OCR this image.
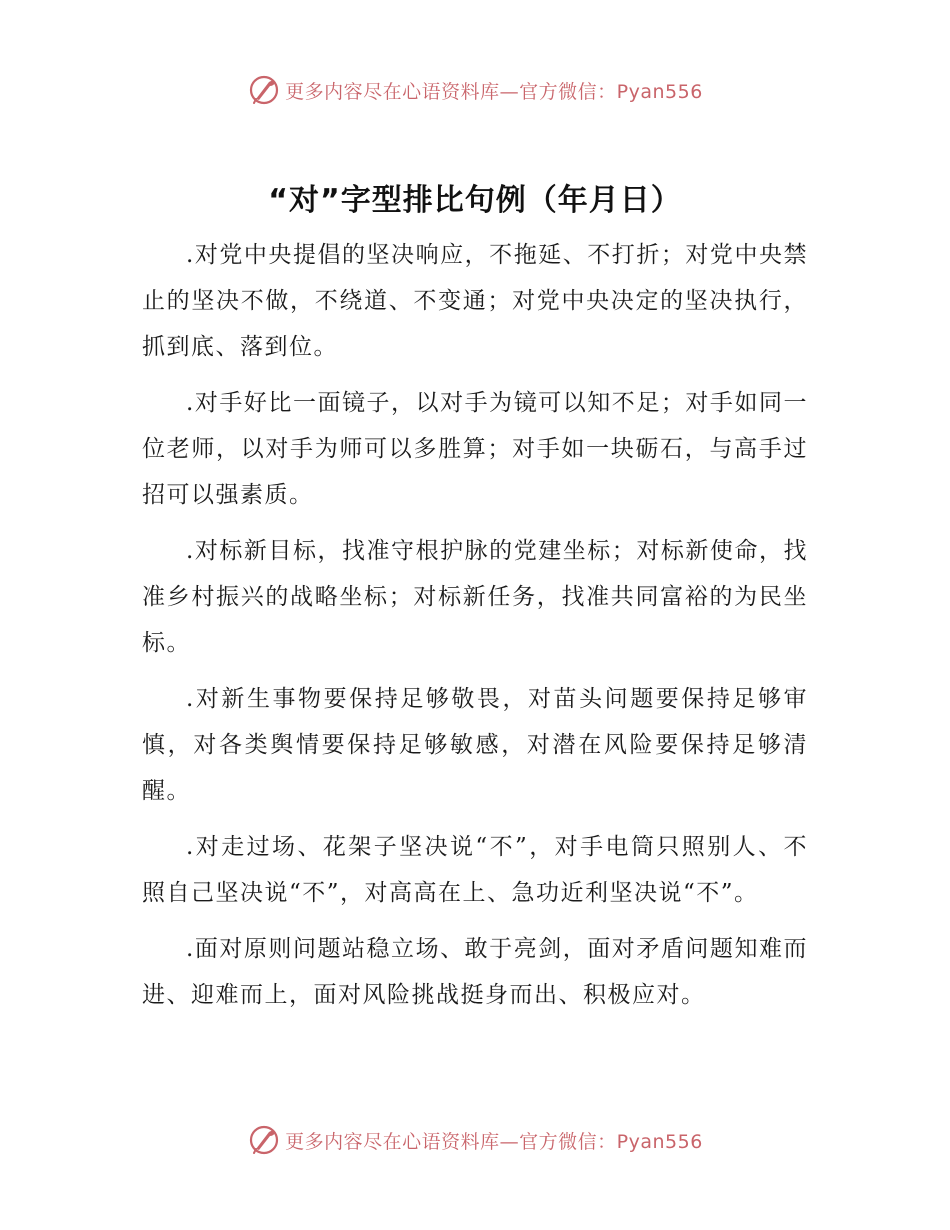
更多内容尽在心语资料库—官方微信：Pyan556
“对”字型排比句例（年月日）

.对党中央提倡的坚决响应，不拖延、不打折；对党中央禁止的坚决不做，不绕道、不变通；对党中央决定的坚决执行，抓到底、落到位。

.对手好比一面镜子，以对手为镜可以知不足；对手如同一位老师，以对手为师可以多胜算；对手如一块砺石，与高手过招可以强素质。

.对标新目标，找准守根护脉的党建坐标；对标新使命，找准乡村振兴的战略坐标；对标新任务，找准共同富裕的为民坐标。

.对新生事物要保持足够敬畏，对苗头问题要保持足够审慎，对各类舆情要保持足够敏感，对潜在风险要保持足够清醒。

.对走过场、花架子坚决说“不”，对手电筒只照别人、不照自己坚决说“不”，对高高在上、急功近利坚决说“不”。

.面对原则问题站稳立场、敢于亮剑，面对矛盾问题知难而进、迎难而上，面对风险挑战挺身而出、积极应对。

更多内容尽在心语资料库—官方微信：Pyan556
